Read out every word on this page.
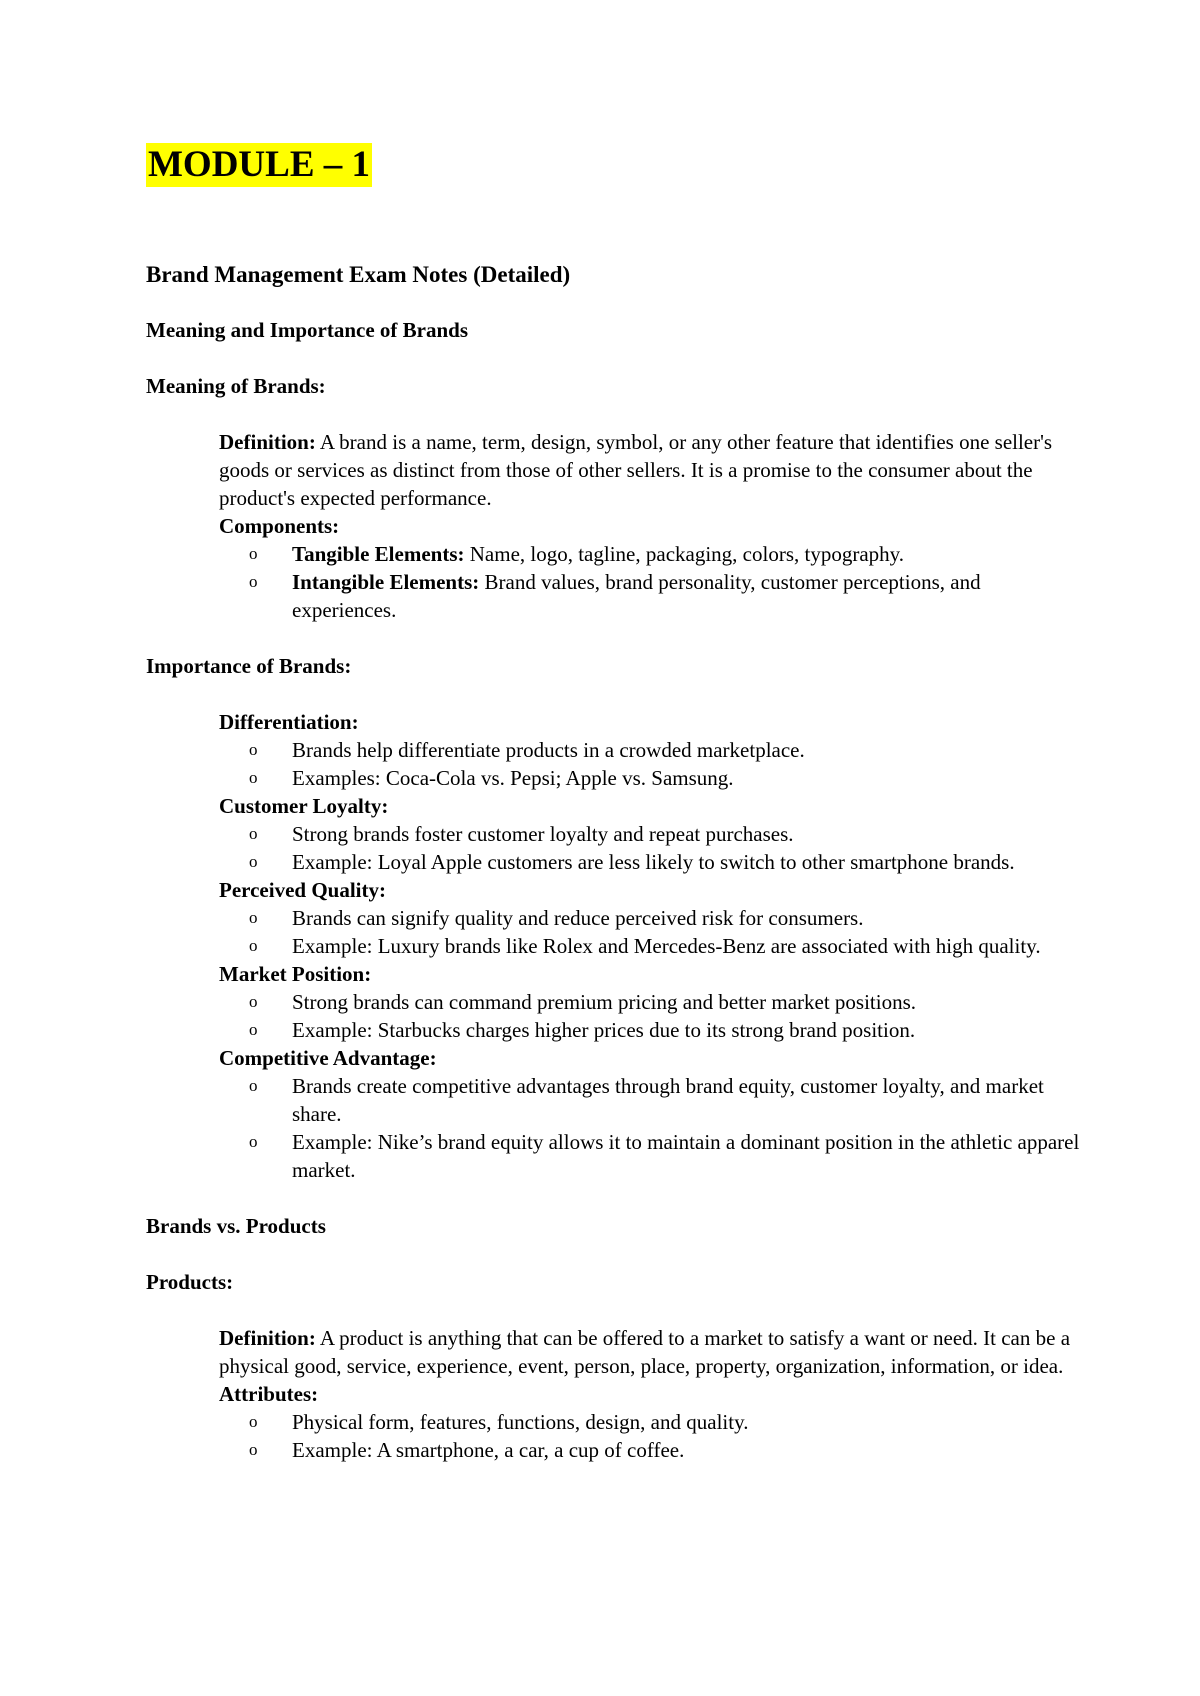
MODULE – 1

Brand Management Exam Notes (Detailed)

Meaning and Importance of Brands

Meaning of Brands:

Definition: A brand is a name, term, design, symbol, or any other feature that identifies one seller's goods or services as distinct from those of other sellers. It is a promise to the consumer about the product's expected performance.

Components:

o Tangible Elements: Name, logo, tagline, packaging, colors, typography.
o Intangible Elements: Brand values, brand personality, customer perceptions, and experiences.

Importance of Brands:

Differentiation:

o Brands help differentiate products in a crowded marketplace.
o Examples: Coca-Cola vs. Pepsi; Apple vs. Samsung.

Customer Loyalty:

o Strong brands foster customer loyalty and repeat purchases.
o Example: Loyal Apple customers are less likely to switch to other smartphone brands.

Perceived Quality:

o Brands can signify quality and reduce perceived risk for consumers.
o Example: Luxury brands like Rolex and Mercedes-Benz are associated with high quality.

Market Position:

o Strong brands can command premium pricing and better market positions.
o Example: Starbucks charges higher prices due to its strong brand position.

Competitive Advantage:

o Brands create competitive advantages through brand equity, customer loyalty, and market share.
o Example: Nike’s brand equity allows it to maintain a dominant position in the athletic apparel market.

Brands vs. Products

Products:

Definition: A product is anything that can be offered to a market to satisfy a want or need. It can be a physical good, service, experience, event, person, place, property, organization, information, or idea.

Attributes:

o Physical form, features, functions, design, and quality.
o Example: A smartphone, a car, a cup of coffee.
